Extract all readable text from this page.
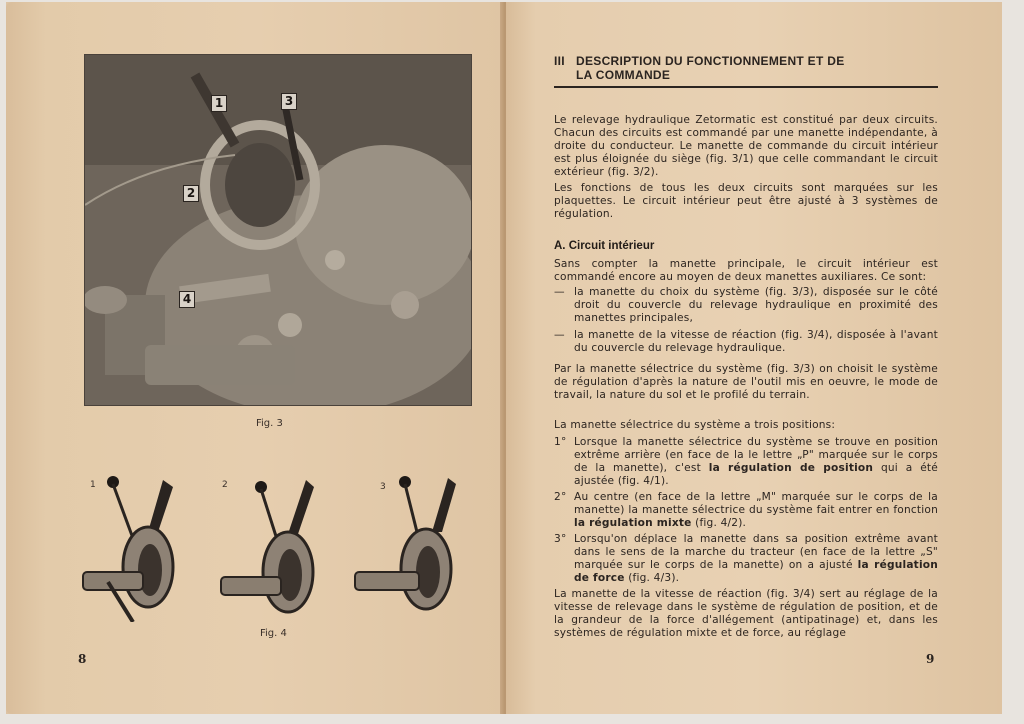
1	3
2
4
Fig. 3
1	2	3
Fig. 4
8
III DESCRIPTION DU FONCTIONNEMENT ET DE
LA COMMANDE
Le relevage hydraulique Zetormatic est constitué par deux circuits. Chacun des circuits est commandé par une manette indépendante, à droite du conducteur. Le manette de commande du circuit intérieur est plus éloignée du siège (fig. 3/1) que celle commandant le circuit extérieur (fig. 3/2).
Les fonctions de tous les deux circuits sont marquées sur les plaquettes. Le circuit intérieur peut être ajusté à 3 systèmes de régulation.
A. Circuit intérieur
Sans compter la manette principale, le circuit intérieur est commandé encore au moyen de deux manettes auxiliares. Ce sont:
— la manette du choix du système (fig. 3/3), disposée sur le côté droit du couvercle du relevage hydraulique en proximité des manettes principales,
— la manette de la vitesse de réaction (fig. 3/4), disposée à l'avant du couvercle du relevage hydraulique.
Par la manette sélectrice du système (fig. 3/3) on choisit le système de régulation d'après la nature de l'outil mis en oeuvre, le mode de travail, la nature du sol et le profilé du terrain.
La manette sélectrice du système a trois positions:
1° Lorsque la manette sélectrice du système se trouve en position extrême arrière (en face de la le lettre „P" marquée sur le corps de la manette), c'est la régulation de position qui a été ajustée (fig. 4/1).
2° Au centre (en face de la lettre „M" marquée sur le corps de la manette) la manette sélectrice du système fait entrer en fonction la régulation mixte (fig. 4/2).
3° Lorsqu'on déplace la manette dans sa position extrême avant dans le sens de la marche du tracteur (en face de la lettre „S" marquée sur le corps de la manette) on a ajusté la régulation de force (fig. 4/3).
La manette de la vitesse de réaction (fig. 3/4) sert au réglage de la vitesse de relevage dans le système de régulation de position, et de la grandeur de la force d'allégement (antipatinage) et, dans les systèmes de régulation mixte et de force, au réglage
9
